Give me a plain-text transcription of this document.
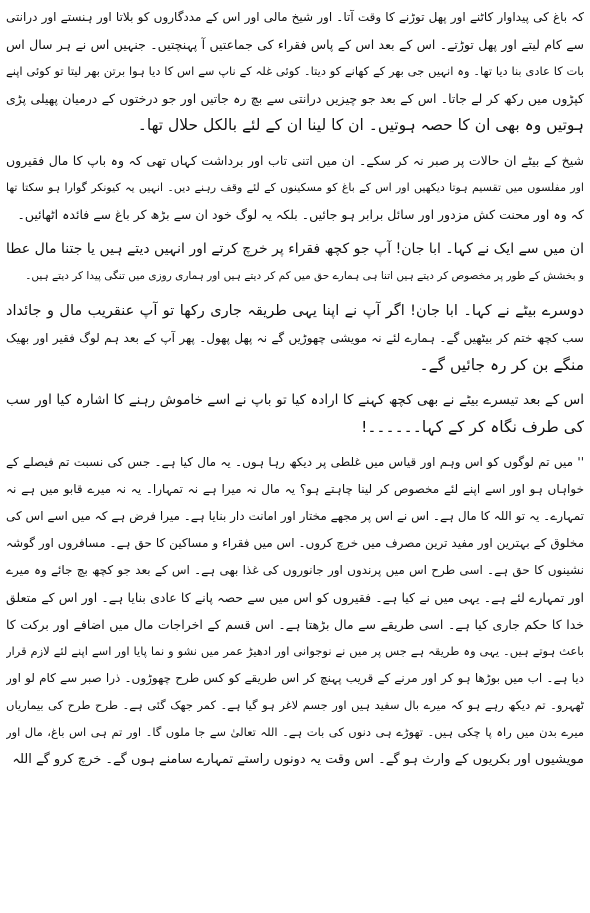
کہ باغ کی پیداوار کاٹنے اور پھل توڑنے کا وقت آتا۔ اور شیخ مالی اور اس کے مددگاروں کو بلاتا اور ہنستے اور درانتی
سے کام لیتے اور پھل توڑتے۔ اس کے بعد اس کے پاس فقراء کی جماعتیں آ پہنچتیں۔ جنہیں اس نے ہر سال اس
بات کا عادی بنا دیا تھا۔ وہ انہیں جی بھر کے کھانے کو دیتا۔ کوئی غلہ کے ناپ سے اس کا دیا ہوا برتن بھر لیتا تو کوئی اپنے
کپڑوں میں رکھ کر لے جاتا۔ اس کے بعد جو چیزیں درانتی سے بچ رہ جاتیں اور جو درختوں کے درمیان پھیلی پڑی
ہوتیں وہ بھی ان کا حصہ ہوتیں۔ ان کا لینا ان کے لئے بالکل حلال تھا۔
شیخ کے بیٹے ان حالات پر صبر نہ کر سکے۔ ان میں اتنی تاب اور برداشت کہاں تھی کہ وہ باپ کا مال فقیروں
اور مفلسوں میں تقسیم ہوتا دیکھیں اور اس کے باغ کو مسکینوں کے لئے وقف رہنے دیں۔ انہیں یہ کیونکر گوارا ہو سکتا تھا
کہ وہ اور محنت کش مزدور اور سائل برابر ہو جائیں۔ بلکہ یہ لوگ خود ان سے بڑھ کر باغ سے فائدہ اٹھائیں۔
ان میں سے ایک نے کہا۔ ابا جان! آپ جو کچھ فقراء پر خرچ کرتے اور انہیں دیتے ہیں یا جتنا مال عطا
و بخشش کے طور پر مخصوص کر دیتے ہیں اتنا ہی ہمارے حق میں کم کر دیتے ہیں اور ہماری روزی میں تنگی پیدا کر دیتے ہیں۔
دوسرے بیٹے نے کہا۔ ابا جان! اگر آپ نے اپنا یہی طریقہ جاری رکھا تو آپ عنقریب مال و جائداد
سب کچھ ختم کر بیٹھیں گے۔ ہمارے لئے نہ مویشی چھوڑیں گے نہ پھل پھول۔ پھر آپ کے بعد ہم لوگ فقیر اور بھیک
منگے بن کر رہ جائیں گے۔
اس کے بعد تیسرے بیٹے نے بھی کچھ کہنے کا ارادہ کیا تو باپ نے اسے خاموش رہنے کا اشارہ کیا اور سب
کی طرف نگاہ کر کے کہا۔۔۔۔۔۔!
'' میں تم لوگوں کو اس وہم اور قیاس میں غلطی پر دیکھ رہا ہوں۔ یہ مال کیا ہے۔ جس کی نسبت تم فیصلے کے
خواہاں ہو اور اسے اپنے لئے مخصوص کر لینا چاہتے ہو؟ یہ مال نہ میرا ہے نہ تمہارا۔ یہ نہ میرے قابو میں ہے نہ
تمہارے۔ یہ تو اللہ کا مال ہے۔ اس نے اس پر مجھے مختار اور امانت دار بنایا ہے۔ میرا فرض ہے کہ میں اسے اس کی
مخلوق کے بہترین اور مفید ترین مصرف میں خرچ کروں۔ اس میں فقراء و مساکین کا حق ہے۔ مسافروں اور گوشہ
نشینوں کا حق ہے۔ اسی طرح اس میں پرندوں اور جانوروں کی غذا بھی ہے۔ اس کے بعد جو کچھ بچ جائے وہ میرے
اور تمہارے لئے ہے۔ یہی میں نے کیا ہے۔ فقیروں کو اس میں سے حصہ پانے کا عادی بنایا ہے۔ اور اس کے متعلق
خدا کا حکم جاری کیا ہے۔ اسی طریقے سے مال بڑھتا ہے۔ اس قسم کے اخراجات مال میں اضافے اور برکت کا
باعث ہوتے ہیں۔ یہی وہ طریقہ ہے جس پر میں نے نوجوانی اور ادھیڑ عمر میں نشو و نما پایا اور اسے اپنے لئے لازم قرار
دیا ہے۔ اب میں بوڑھا ہو کر اور مرنے کے قریب پہنچ کر اس طریقے کو کس طرح چھوڑوں۔ ذرا صبر سے کام لو اور
ٹھہرو۔ تم دیکھ رہے ہو کہ میرے بال سفید ہیں اور جسم لاغر ہو گیا ہے۔ کمر جھک گئی ہے۔ طرح طرح کی بیماریاں
میرے بدن میں راہ پا چکی ہیں۔ تھوڑے ہی دنوں کی بات ہے۔ اللہ تعالیٰ سے جا ملوں گا۔ اور تم ہی اس باغ، مال اور
مویشیوں اور بکریوں کے وارث ہو گے۔ اس وقت یہ دونوں راستے تمہارے سامنے ہوں گے۔ خرچ کرو گے اللہ
